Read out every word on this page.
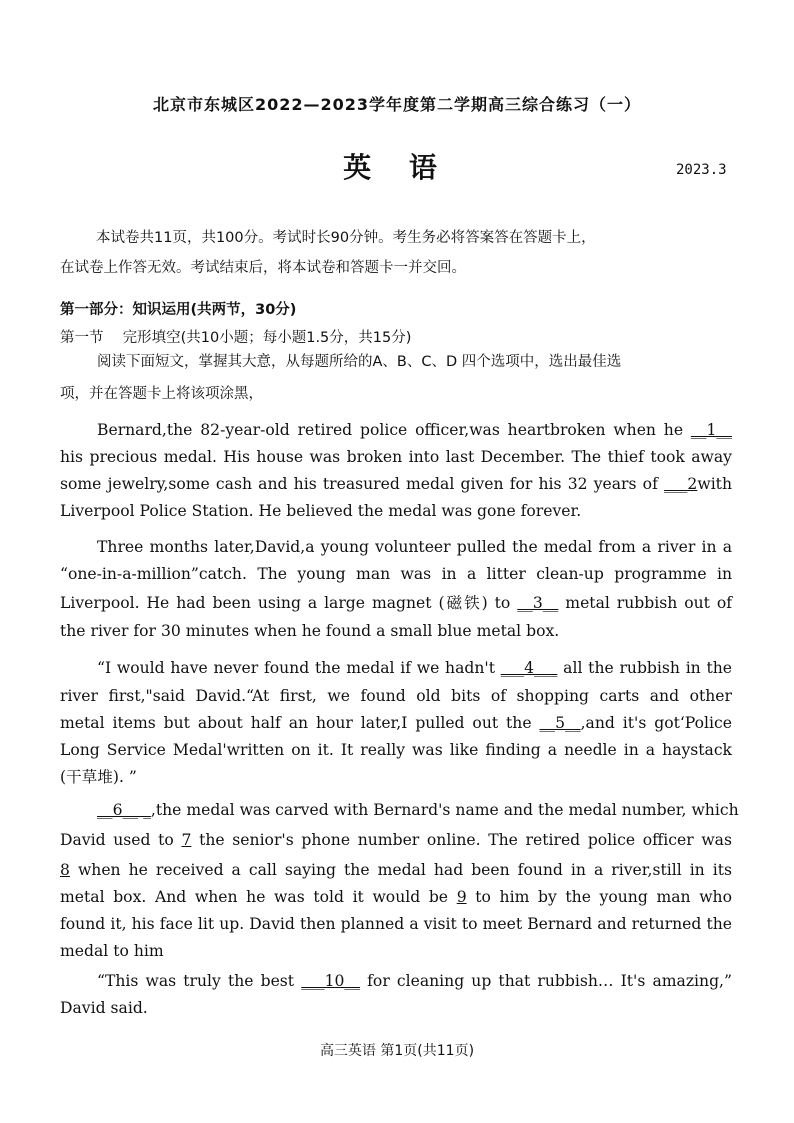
北京市东城区2022—2023学年度第二学期高三综合练习（一）
英 语	2023.3
本试卷共11页，共100分。考试时长90分钟。考生务必将答案答在答题卡上，
在试卷上作答无效。考试结束后，将本试卷和答题卡一并交回。
第一部分：知识运用(共两节，30分)
第一节　 完形填空(共10小题；每小题1.5分，共15分)
阅读下面短文，掌握其大意，从每题所给的A、B、C、D 四个选项中，选出最佳选
项，并在答题卡上将该项涂黑，
Bernard,the 82-year-old retired police officer,was heartbroken when he __1__
his precious medal. His house was broken into last December. The thief took away
some jewelry,some cash and his treasured medal given for his 32 years of ___2with
Liverpool Police Station. He believed the medal was gone forever.
Three months later,David,a young volunteer pulled the medal from a river in a
“one-in-a-million”catch. The young man was in a litter clean-up programme in
Liverpool. He had been using a large magnet (磁铁) to __3__ metal rubbish out of
the river for 30 minutes when he found a small blue metal box.
“I would have never found the medal if we hadn't ___4___ all the rubbish in the
river first,"said David.“At first, we found old bits of shopping carts and other
metal items but about half an hour later,I pulled out the __5__,and it's got‘Police
Long Service Medal'written on it. It really was like finding a needle in a haystack
(干草堆). ”
__6__ _,the medal was carved with Bernard's name and the medal number, which
David used to 7 the senior's phone number online. The retired police officer was
8 when he received a call saying the medal had been found in a river,still in its
metal box. And when he was told it would be 9 to him by the young man who
found it, his face lit up. David then planned a visit to meet Bernard and returned the
medal to him
“This was truly the best ___10__ for cleaning up that rubbish… It's amazing,”
David said.
高三英语 第1页(共11页)
